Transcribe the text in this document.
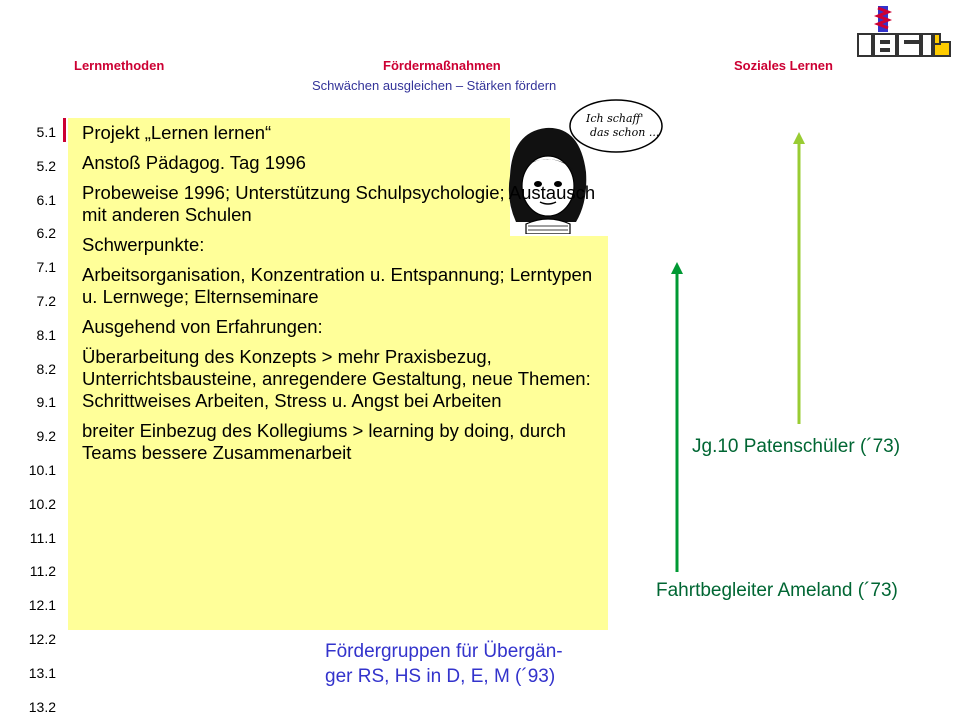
Lernmethoden	Fördermaßnahmen	Soziales Lernen
Schwächen ausgleichen – Stärken fördern
5.1
5.2
6.1
6.2
7.1
7.2
8.1
8.2
9.1
9.2
10.1
10.2
11.1
11.2
12.1
12.2
13.1
13.2
Ich schaff'
das schon ...

Projekt „Lernen lernen“

Anstoß Pädagog. Tag 1996

Probeweise 1996; Unterstützung Schulpsychologie; Austausch mit anderen Schulen

Schwerpunkte:

Arbeitsorganisation, Konzentration u. Entspannung; Lerntypen u. Lernwege; Elternseminare

Ausgehend von Erfahrungen:

Überarbeitung des Konzepts > mehr Praxisbezug, Unterrichtsbausteine, anregendere Gestaltung, neue Themen: Schrittweises Arbeiten, Stress u. Angst bei Arbeiten

breiter Einbezug des Kollegiums > learning by doing, durch Teams bessere Zusammenarbeit

Fördergruppen für Übergän-
ger RS, HS in D, E, M (´93)
Jg.10 Patenschüler (´73)
Fahrtbegleiter Ameland (´73)
